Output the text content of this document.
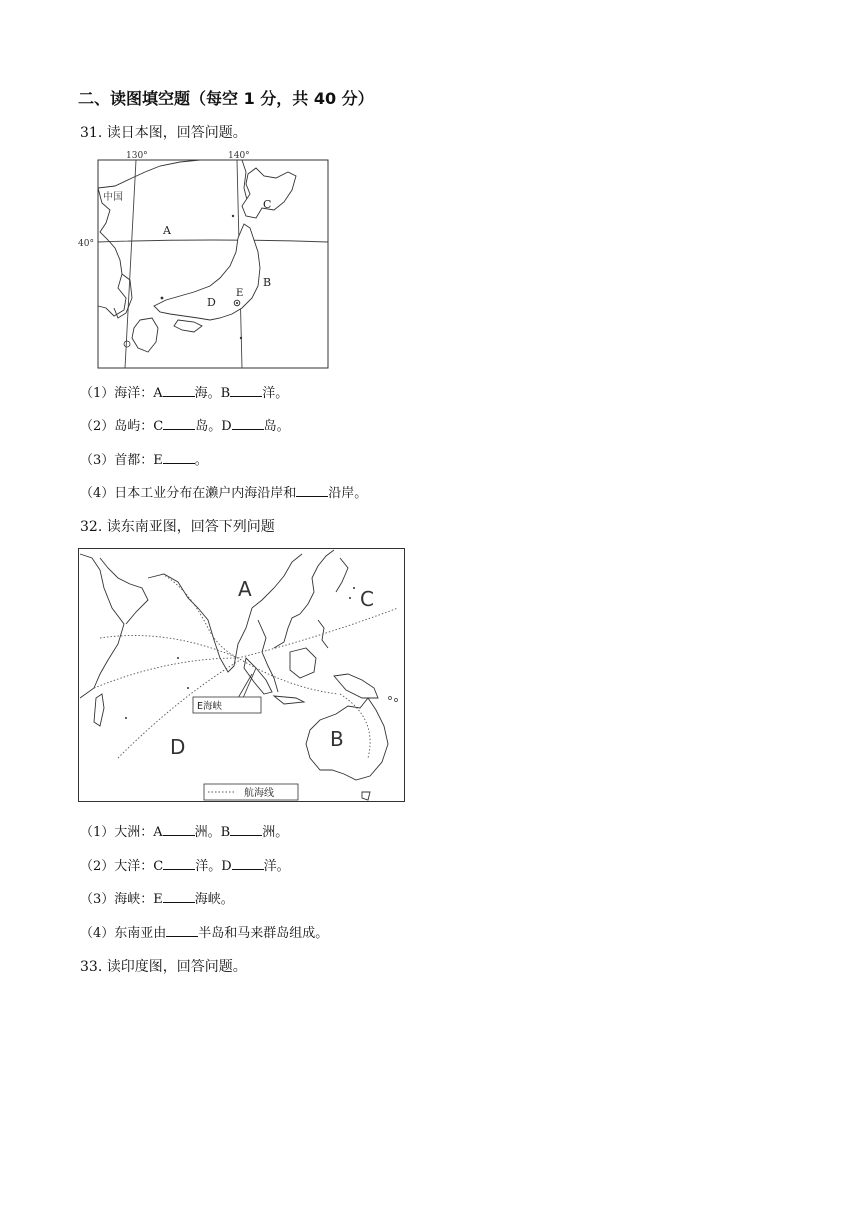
二、读图填空题（每空 1 分，共 40 分）
31. 读日本图，回答问题。
130°	140°
40°
中国
A
B
C
D
E
（1）海洋：A 海。B 洋。
（2）岛屿：C 岛。D 岛。
（3）首都：E 。
（4）日本工业分布在濑户内海沿岸和 沿岸。
32. 读东南亚图，回答下列问题
E海峡
航海线
A
B
C
D
（1）大洲：A 洲。B 洲。
（2）大洋：C 洋。D 洋。
（3）海峡：E 海峡。
（4）东南亚由 半岛和马来群岛组成。
33. 读印度图，回答问题。
